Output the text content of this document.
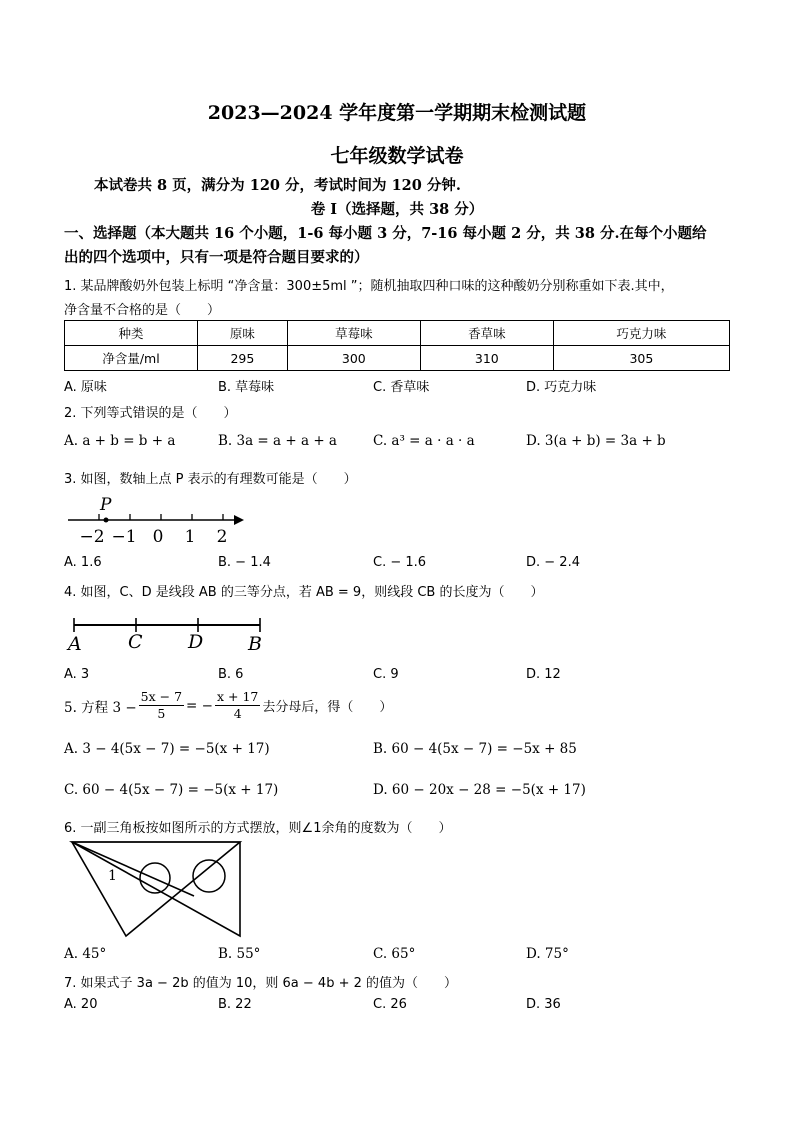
2023—2024 学年度第一学期期末检测试题
七年级数学试卷
本试卷共 8 页，满分为 120 分，考试时间为 120 分钟.
卷 Ⅰ（选择题，共 38 分）
一、选择题（本大题共 16 个小题，1-6 每小题 3 分，7-16 每小题 2 分，共 38 分.在每个小题给
出的四个选项中，只有一项是符合题目要求的）
1. 某品牌酸奶外包装上标明 “净含量：300±5ml ”；随机抽取四种口味的这种酸奶分别称重如下表.其中，
净含量不合格的是（　　）
种类	原味	草莓味	香草味	巧克力味
净含量/ml	295	300	310	305
A. 原味	B. 草莓味	C. 香草味	D. 巧克力味
2. 下列等式错误的是（　　）
A. a + b = b + a	B. 3a = a + a + a	C. a³ = a · a · a	D. 3(a + b) = 3a + b
3. 如图，数轴上点 P 表示的有理数可能是（　　）
P
−2 −1 0 1 2
A. 1.6	B. − 1.4	C. − 1.6	D. − 2.4
4. 如图，C、D 是线段 AB 的三等分点，若 AB = 9，则线段 CB 的长度为（　　）
A C D B
A. 3	B. 6	C. 9	D. 12
5. 方程 $3 - \frac{5x - 7}{5}$ = − $\frac{x + 17}{4}$ 去分母后，得（　　）
A. 3 − 4(5x − 7) = −5(x + 17)	B. 60 − 4(5x − 7) = −5x + 85
C. 60 − 4(5x − 7) = −5(x + 17)	D. 60 − 20x − 28 = −5(x + 17)
6. 一副三角板按如图所示的方式摆放，则∠1余角的度数为（　　）
1
A. 45°	B. 55°	C. 65°	D. 75°
7. 如果式子 3a − 2b 的值为 10，则 6a − 4b + 2 的值为（　　）
A. 20	B. 22	C. 26	D. 36
